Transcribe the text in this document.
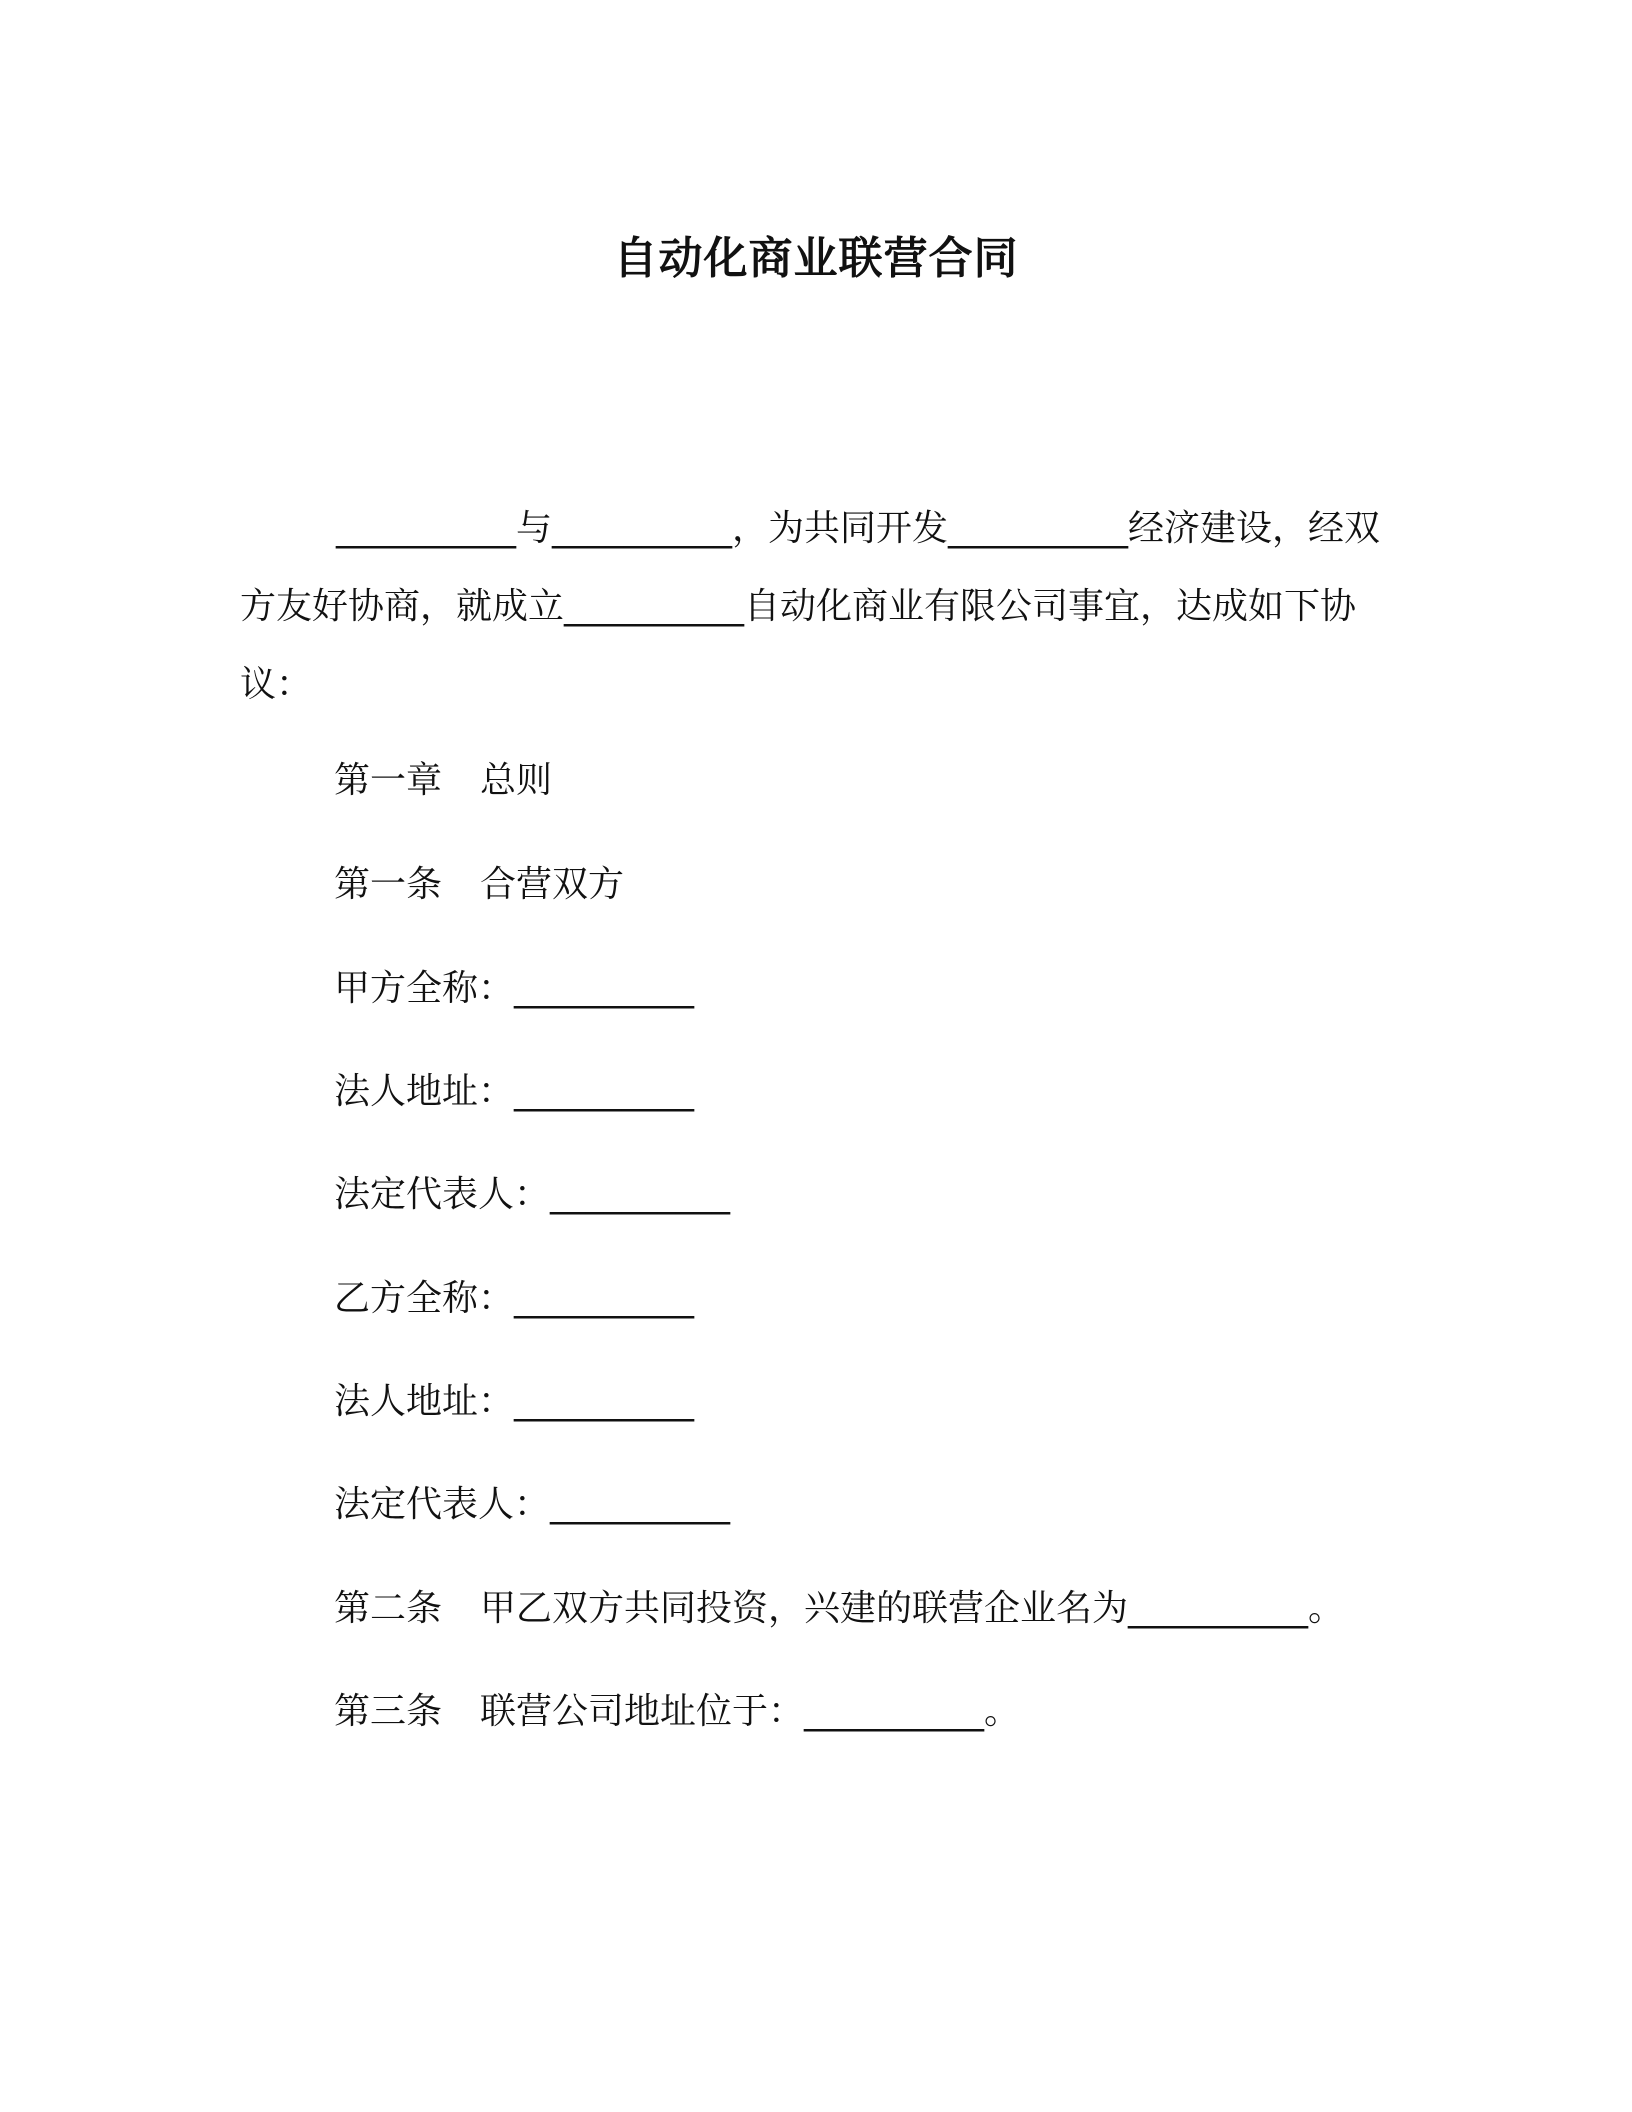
自动化商业联营合同

__________与__________，为共同开发__________经济建设，经双方友好协商，就成立__________自动化商业有限公司事宜，达成如下协议：

第一章 总则

第一条 合营双方

甲方全称：__________

法人地址：__________

法定代表人：__________

乙方全称：__________

法人地址：__________

法定代表人：__________

第二条 甲乙双方共同投资，兴建的联营企业名为__________。

第三条 联营公司地址位于：__________。
